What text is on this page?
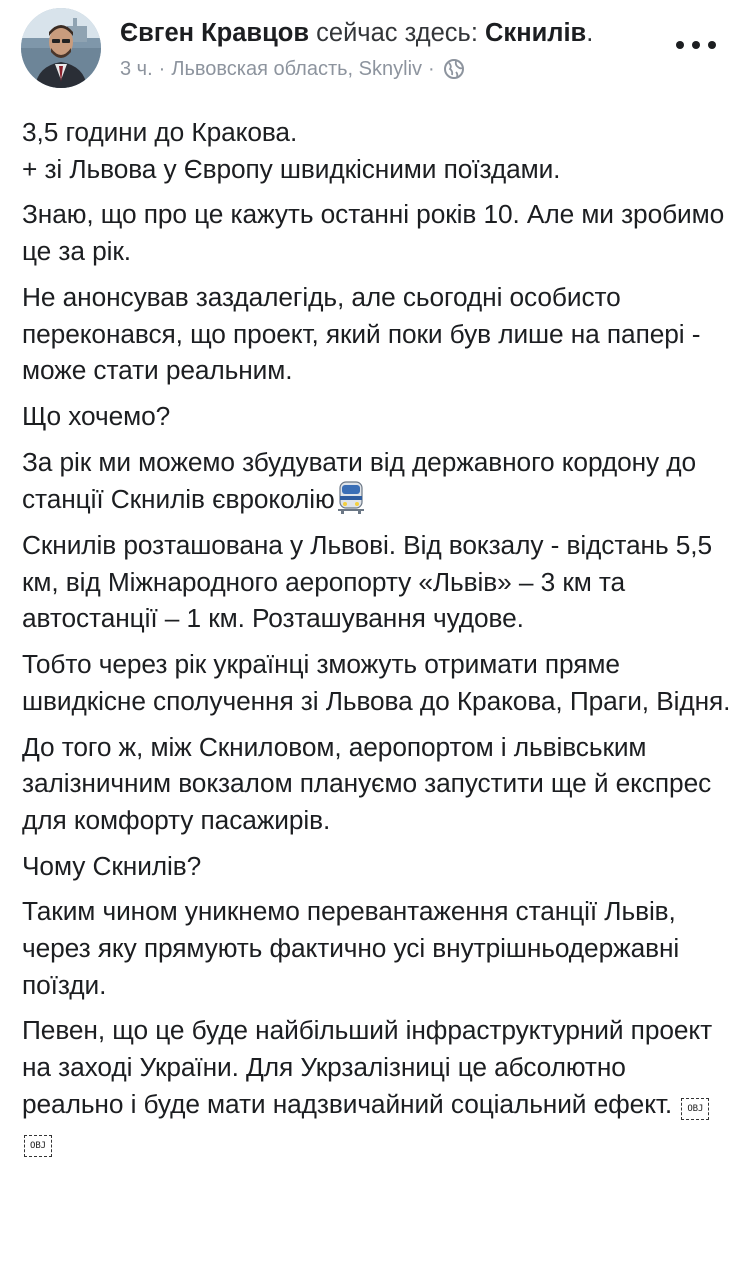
Євген Кравцов сейчас здесь: Скнилів.
3 ч. · Львовская область, Sknyliv ·

3,5 години до Кракова.
+ зі Львова у Європу швидкісними поїздами.

Знаю, що про це кажуть останні років 10. Але ми зробимо це за рік.

Не анонсував заздалегідь, але сьогодні особисто переконався, що проект, який поки був лише на папері - може стати реальним.

Що хочемо?

За рік ми можемо збудувати від державного кордону до станції Скнилів євроколію

Скнилів розташована у Львові. Від вокзалу - відстань 5,5 км, від Міжнародного аеропорту «Львів» – 3 км та автостанції – 1 км. Розташування чудове.

Тобто через рік українці зможуть отримати пряме швидкісне сполучення зі Львова до Кракова, Праги, Відня.

До того ж, між Скниловом, аеропортом і львівським залізничним вокзалом плануємо запустити ще й експрес для комфорту пасажирів.

Чому Скнилів?

Таким чином уникнемо перевантаження станції Львів, через яку прямують фактично усі внутрішньодержавні поїзди.

Певен, що це буде найбільший інфраструктурний проект на заході України. Для Укрзалізниці це абсолютно реально і буде мати надзвичайний соціальний ефект. OBJOBJ
